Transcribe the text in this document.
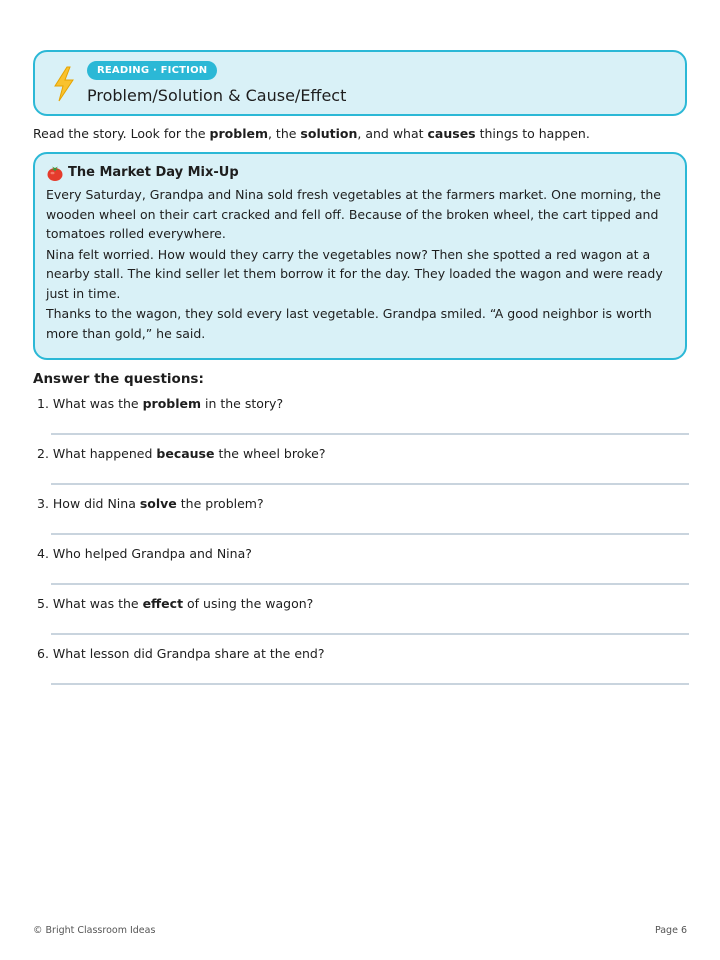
READING · FICTION
Problem/Solution & Cause/Effect
Read the story. Look for the problem, the solution, and what causes things to happen.
The Market Day Mix-Up

Every Saturday, Grandpa and Nina sold fresh vegetables at the farmers market. One morning, the wooden wheel on their cart cracked and fell off. Because of the broken wheel, the cart tipped and tomatoes rolled everywhere.

Nina felt worried. How would they carry the vegetables now? Then she spotted a red wagon at a nearby stall. The kind seller let them borrow it for the day. They loaded the wagon and were ready just in time.

Thanks to the wagon, they sold every last vegetable. Grandpa smiled. “A good neighbor is worth more than gold,” he said.

Answer the questions:
1. What was the problem in the story?
2. What happened because the wheel broke?
3. How did Nina solve the problem?
4. Who helped Grandpa and Nina?
5. What was the effect of using the wagon?
6. What lesson did Grandpa share at the end?
© Bright Classroom Ideas	Page 6
